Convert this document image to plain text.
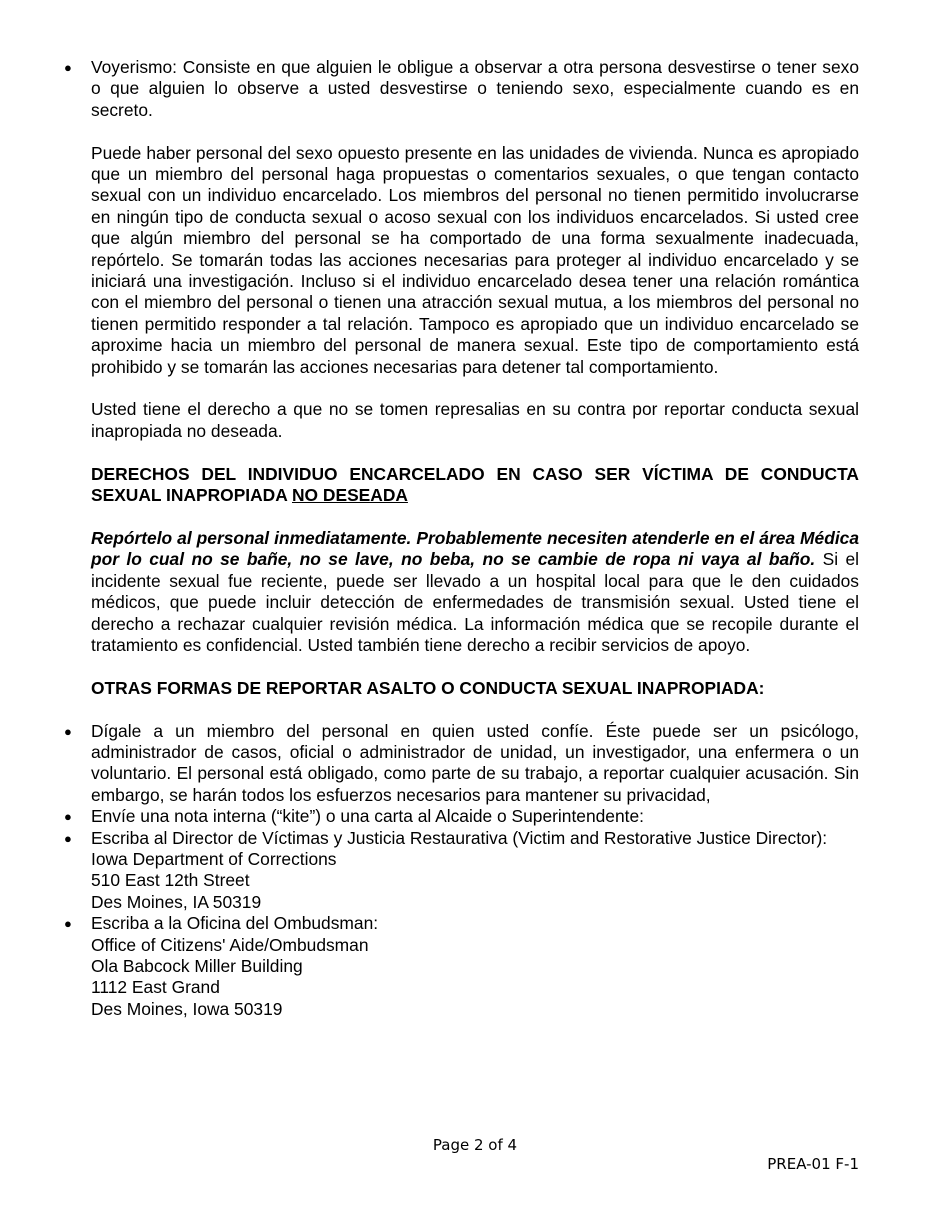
● Voyerismo: Consiste en que alguien le obligue a observar a otra persona desvestirse o tener sexo o que alguien lo observe a usted desvestirse o teniendo sexo, especialmente cuando es en secreto.

Puede haber personal del sexo opuesto presente en las unidades de vivienda. Nunca es apropiado que un miembro del personal haga propuestas o comentarios sexuales, o que tengan contacto sexual con un individuo encarcelado. Los miembros del personal no tienen permitido involucrarse en ningún tipo de conducta sexual o acoso sexual con los individuos encarcelados. Si usted cree que algún miembro del personal se ha comportado de una forma sexualmente inadecuada, repórtelo. Se tomarán todas las acciones necesarias para proteger al individuo encarcelado y se iniciará una investigación. Incluso si el individuo encarcelado desea tener una relación romántica con el miembro del personal o tienen una atracción sexual mutua, a los miembros del personal no tienen permitido responder a tal relación. Tampoco es apropiado que un individuo encarcelado se aproxime hacia un miembro del personal de manera sexual. Este tipo de comportamiento está prohibido y se tomarán las acciones necesarias para detener tal comportamiento.

Usted tiene el derecho a que no se tomen represalias en su contra por reportar conducta sexual inapropiada no deseada.

DERECHOS DEL INDIVIDUO ENCARCELADO EN CASO SER VÍCTIMA DE CONDUCTA SEXUAL INAPROPIADA NO DESEADA

Repórtelo al personal inmediatamente. Probablemente necesiten atenderle en el área Médica por lo cual no se bañe, no se lave, no beba, no se cambie de ropa ni vaya al baño. Si el incidente sexual fue reciente, puede ser llevado a un hospital local para que le den cuidados médicos, que puede incluir detección de enfermedades de transmisión sexual. Usted tiene el derecho a rechazar cualquier revisión médica. La información médica que se recopile durante el tratamiento es confidencial. Usted también tiene derecho a recibir servicios de apoyo.

OTRAS FORMAS DE REPORTAR ASALTO O CONDUCTA SEXUAL INAPROPIADA:

● Dígale a un miembro del personal en quien usted confíe. Éste puede ser un psicólogo, administrador de casos, oficial o administrador de unidad, un investigador, una enfermera o un voluntario. El personal está obligado, como parte de su trabajo, a reportar cualquier acusación. Sin embargo, se harán todos los esfuerzos necesarios para mantener su privacidad,

● Envíe una nota interna (“kite”) o una carta al Alcaide o Superintendente:

● Escriba al Director de Víctimas y Justicia Restaurativa (Victim and Restorative Justice Director):

Iowa Department of Corrections

510 East 12th Street

Des Moines, IA 50319

● Escriba a la Oficina del Ombudsman:

Office of Citizens' Aide/Ombudsman

Ola Babcock Miller Building

1112 East Grand

Des Moines, Iowa 50319

Page 2 of 4
PREA-01 F-1
